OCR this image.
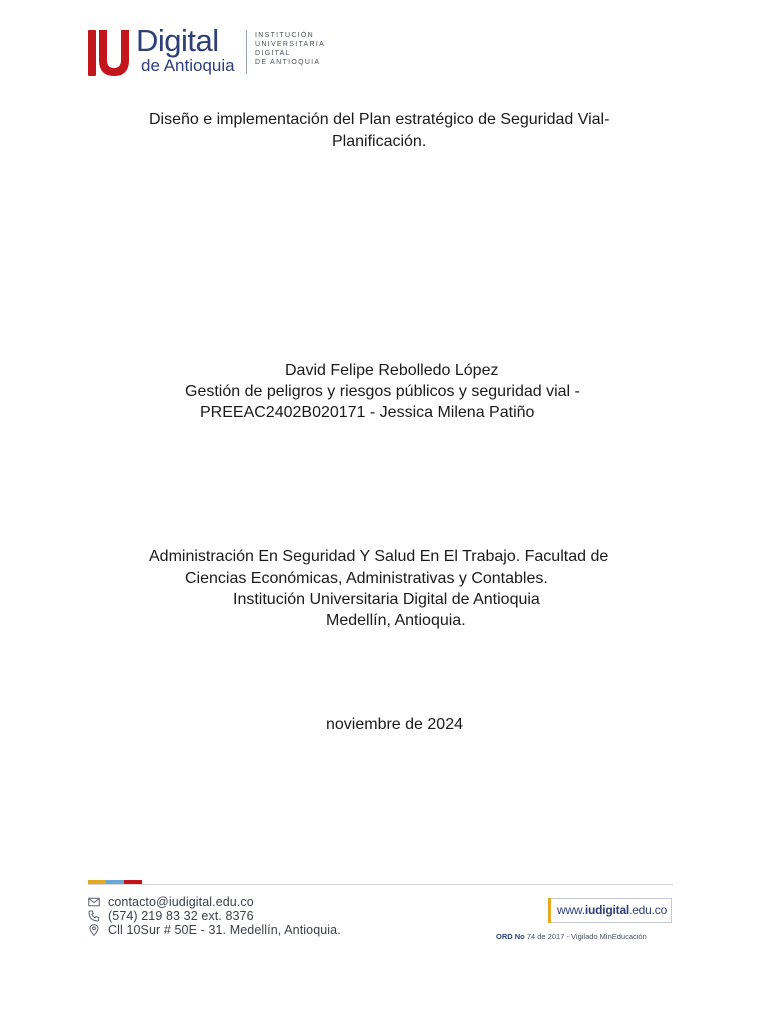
Digital
de Antioquia
INSTITUCIÓN
UNIVERSITARIA
DIGITAL
DE ANTIOQUIA
Diseño e implementación del Plan estratégico de Seguridad Vial-
Planificación.
David Felipe Rebolledo López
Gestión de peligros y riesgos públicos y seguridad vial -
PREEAC2402B020171 - Jessica Milena Patiño
Administración En Seguridad Y Salud En El Trabajo. Facultad de
Ciencias Económicas, Administrativas y Contables.
Institución Universitaria Digital de Antioquia
Medellín, Antioquia.
noviembre de 2024
contacto@iudigital.edu.co
(574) 219 83 32 ext. 8376
Cll 10Sur # 50E - 31. Medellín, Antioquia.
www.iudigital.edu.co
ORD No 74 de 2017 - Vigilado MinEducación
